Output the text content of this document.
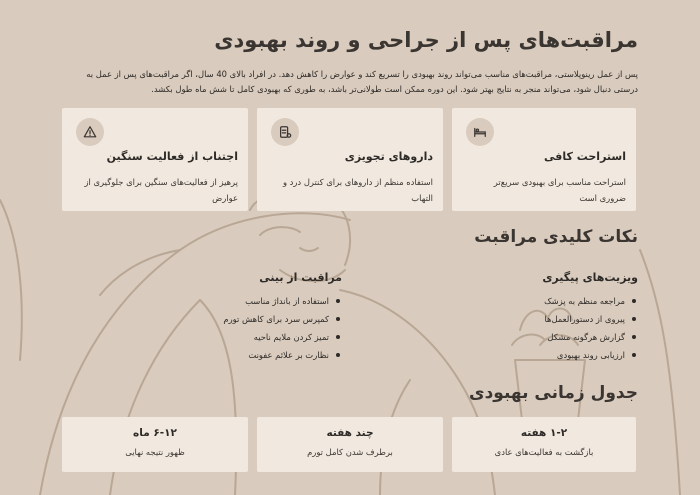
مراقبت‌های پس از جراحی و روند بهبودی

پس از عمل رینوپلاستی، مراقبت‌های مناسب می‌تواند روند بهبودی را تسریع کند و عوارض را کاهش دهد. در افراد بالای 40 سال، اگر مراقبت‌های پس از عمل به درستی دنبال شود، می‌تواند منجر به نتایج بهتر شود. این دوره ممکن است طولانی‌تر باشد، به طوری که بهبودی کامل تا شش ماه طول بکشد.

استراحت کافی

استراحت مناسب برای بهبودی سریع‌تر ضروری است

داروهای تجویزی

استفاده منظم از داروهای برای کنترل درد و التهاب

اجتناب از فعالیت سنگین

پرهیز از فعالیت‌های سنگین برای جلوگیری از عوارض

نکات کلیدی مراقبت
ویزیت‌های پیگیری
مراجعه منظم به پزشک
پیروی از دستورالعمل‌ها
گزارش هرگونه مشکل
ارزیابی روند بهبودی
مراقبت از بینی
استفاده از بانداژ مناسب
کمپرس سرد برای کاهش تورم
تمیز کردن ملایم ناحیه
نظارت بر علائم عفونت
جدول زمانی بهبودی
۱-۲ هفته

بازگشت به فعالیت‌های عادی

چند هفته

برطرف شدن کامل تورم

۶-۱۲ ماه

ظهور نتیجه نهایی
